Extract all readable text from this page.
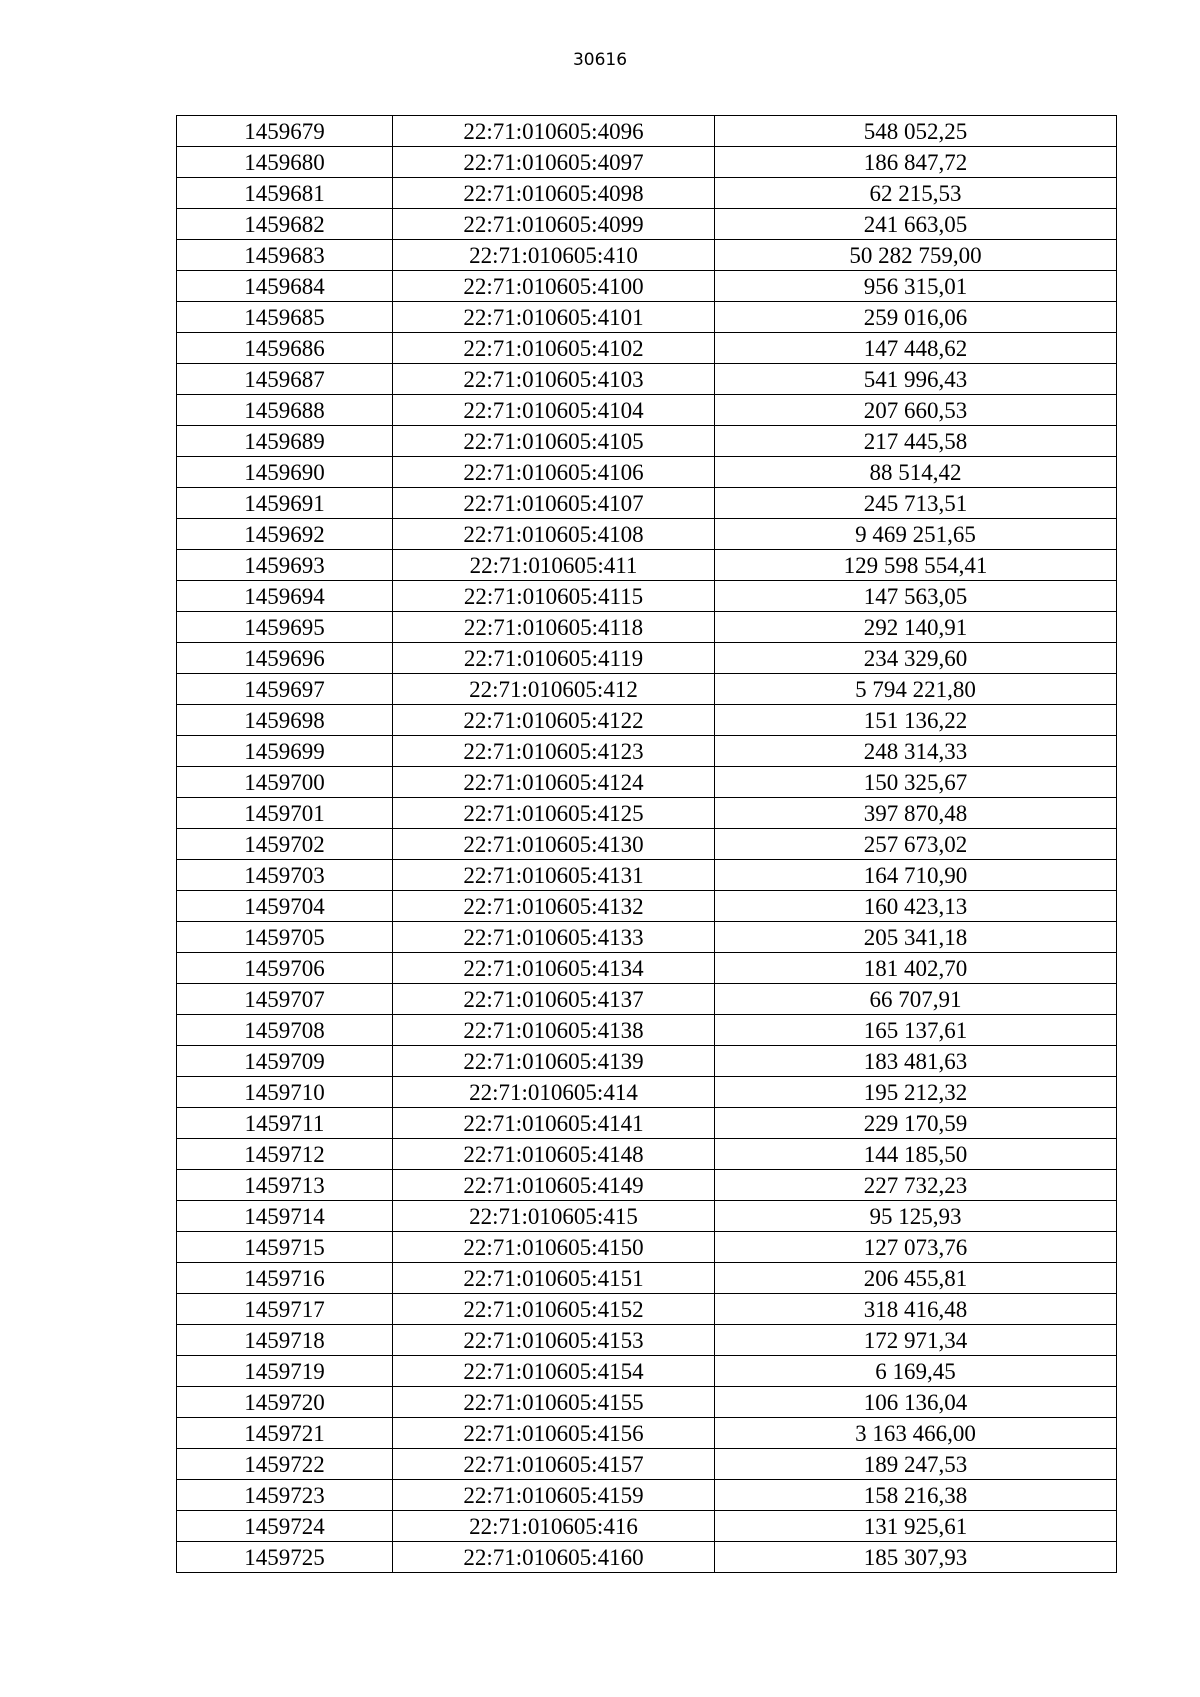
30616
1459679	22:71:010605:4096	548 052,25
1459680	22:71:010605:4097	186 847,72
1459681	22:71:010605:4098	62 215,53
1459682	22:71:010605:4099	241 663,05
1459683	22:71:010605:410	50 282 759,00
1459684	22:71:010605:4100	956 315,01
1459685	22:71:010605:4101	259 016,06
1459686	22:71:010605:4102	147 448,62
1459687	22:71:010605:4103	541 996,43
1459688	22:71:010605:4104	207 660,53
1459689	22:71:010605:4105	217 445,58
1459690	22:71:010605:4106	88 514,42
1459691	22:71:010605:4107	245 713,51
1459692	22:71:010605:4108	9 469 251,65
1459693	22:71:010605:411	129 598 554,41
1459694	22:71:010605:4115	147 563,05
1459695	22:71:010605:4118	292 140,91
1459696	22:71:010605:4119	234 329,60
1459697	22:71:010605:412	5 794 221,80
1459698	22:71:010605:4122	151 136,22
1459699	22:71:010605:4123	248 314,33
1459700	22:71:010605:4124	150 325,67
1459701	22:71:010605:4125	397 870,48
1459702	22:71:010605:4130	257 673,02
1459703	22:71:010605:4131	164 710,90
1459704	22:71:010605:4132	160 423,13
1459705	22:71:010605:4133	205 341,18
1459706	22:71:010605:4134	181 402,70
1459707	22:71:010605:4137	66 707,91
1459708	22:71:010605:4138	165 137,61
1459709	22:71:010605:4139	183 481,63
1459710	22:71:010605:414	195 212,32
1459711	22:71:010605:4141	229 170,59
1459712	22:71:010605:4148	144 185,50
1459713	22:71:010605:4149	227 732,23
1459714	22:71:010605:415	95 125,93
1459715	22:71:010605:4150	127 073,76
1459716	22:71:010605:4151	206 455,81
1459717	22:71:010605:4152	318 416,48
1459718	22:71:010605:4153	172 971,34
1459719	22:71:010605:4154	6 169,45
1459720	22:71:010605:4155	106 136,04
1459721	22:71:010605:4156	3 163 466,00
1459722	22:71:010605:4157	189 247,53
1459723	22:71:010605:4159	158 216,38
1459724	22:71:010605:416	131 925,61
1459725	22:71:010605:4160	185 307,93
